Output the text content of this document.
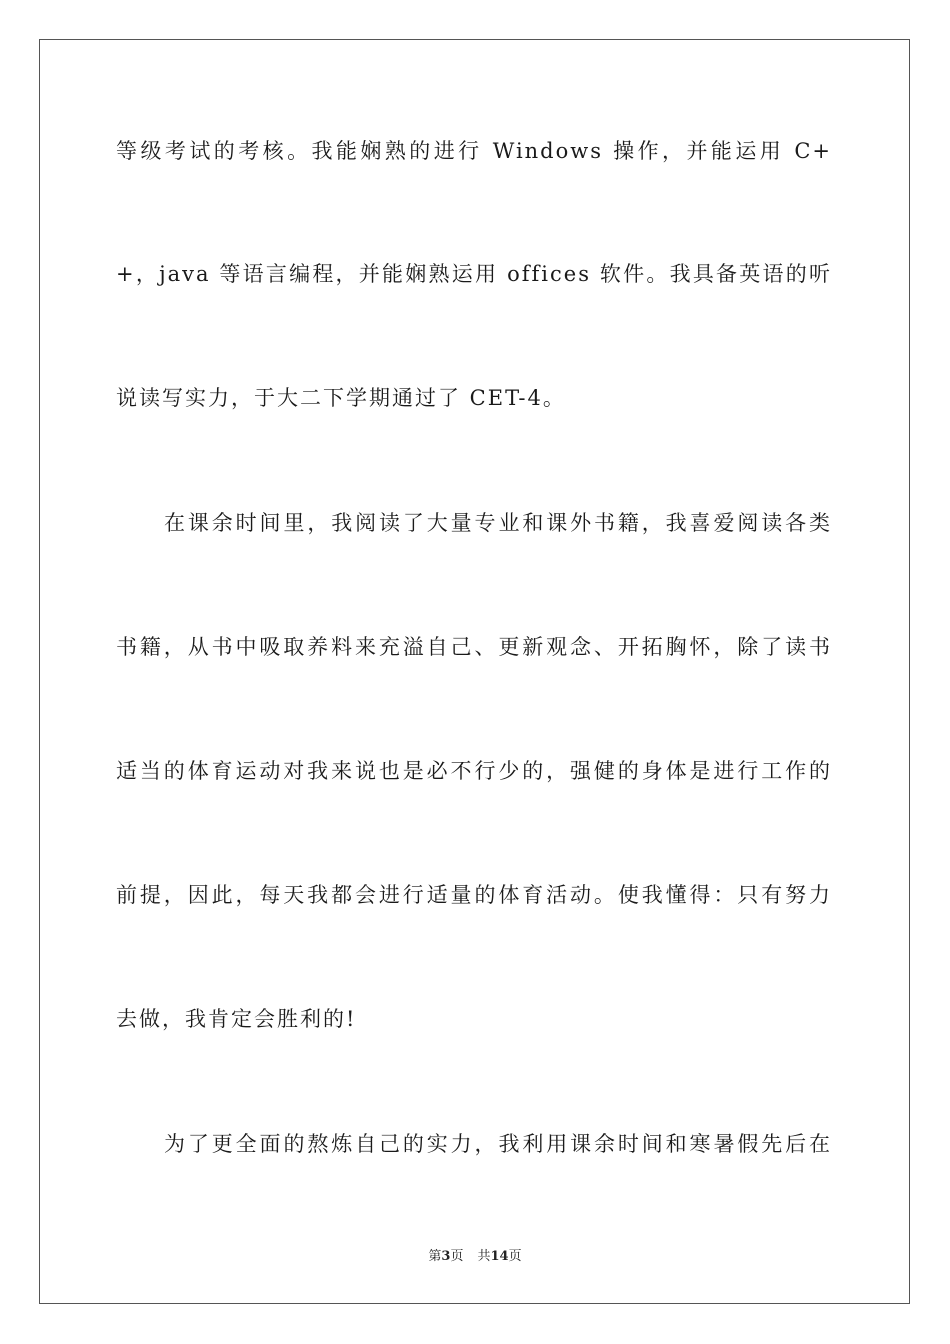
等级考试的考核。我能娴熟的进行 Windows 操作，并能运用 C+
+，java 等语言编程，并能娴熟运用 offices 软件。我具备英语的听
说读写实力，于大二下学期通过了 CET-4。
在课余时间里，我阅读了大量专业和课外书籍，我喜爱阅读各类
书籍，从书中吸取养料来充溢自己、更新观念、开拓胸怀，除了读书
适当的体育运动对我来说也是必不行少的，强健的身体是进行工作的
前提，因此，每天我都会进行适量的体育活动。使我懂得：只有努力
去做，我肯定会胜利的!
为了更全面的熬炼自己的实力，我利用课余时间和寒暑假先后在
第3页 共14页
